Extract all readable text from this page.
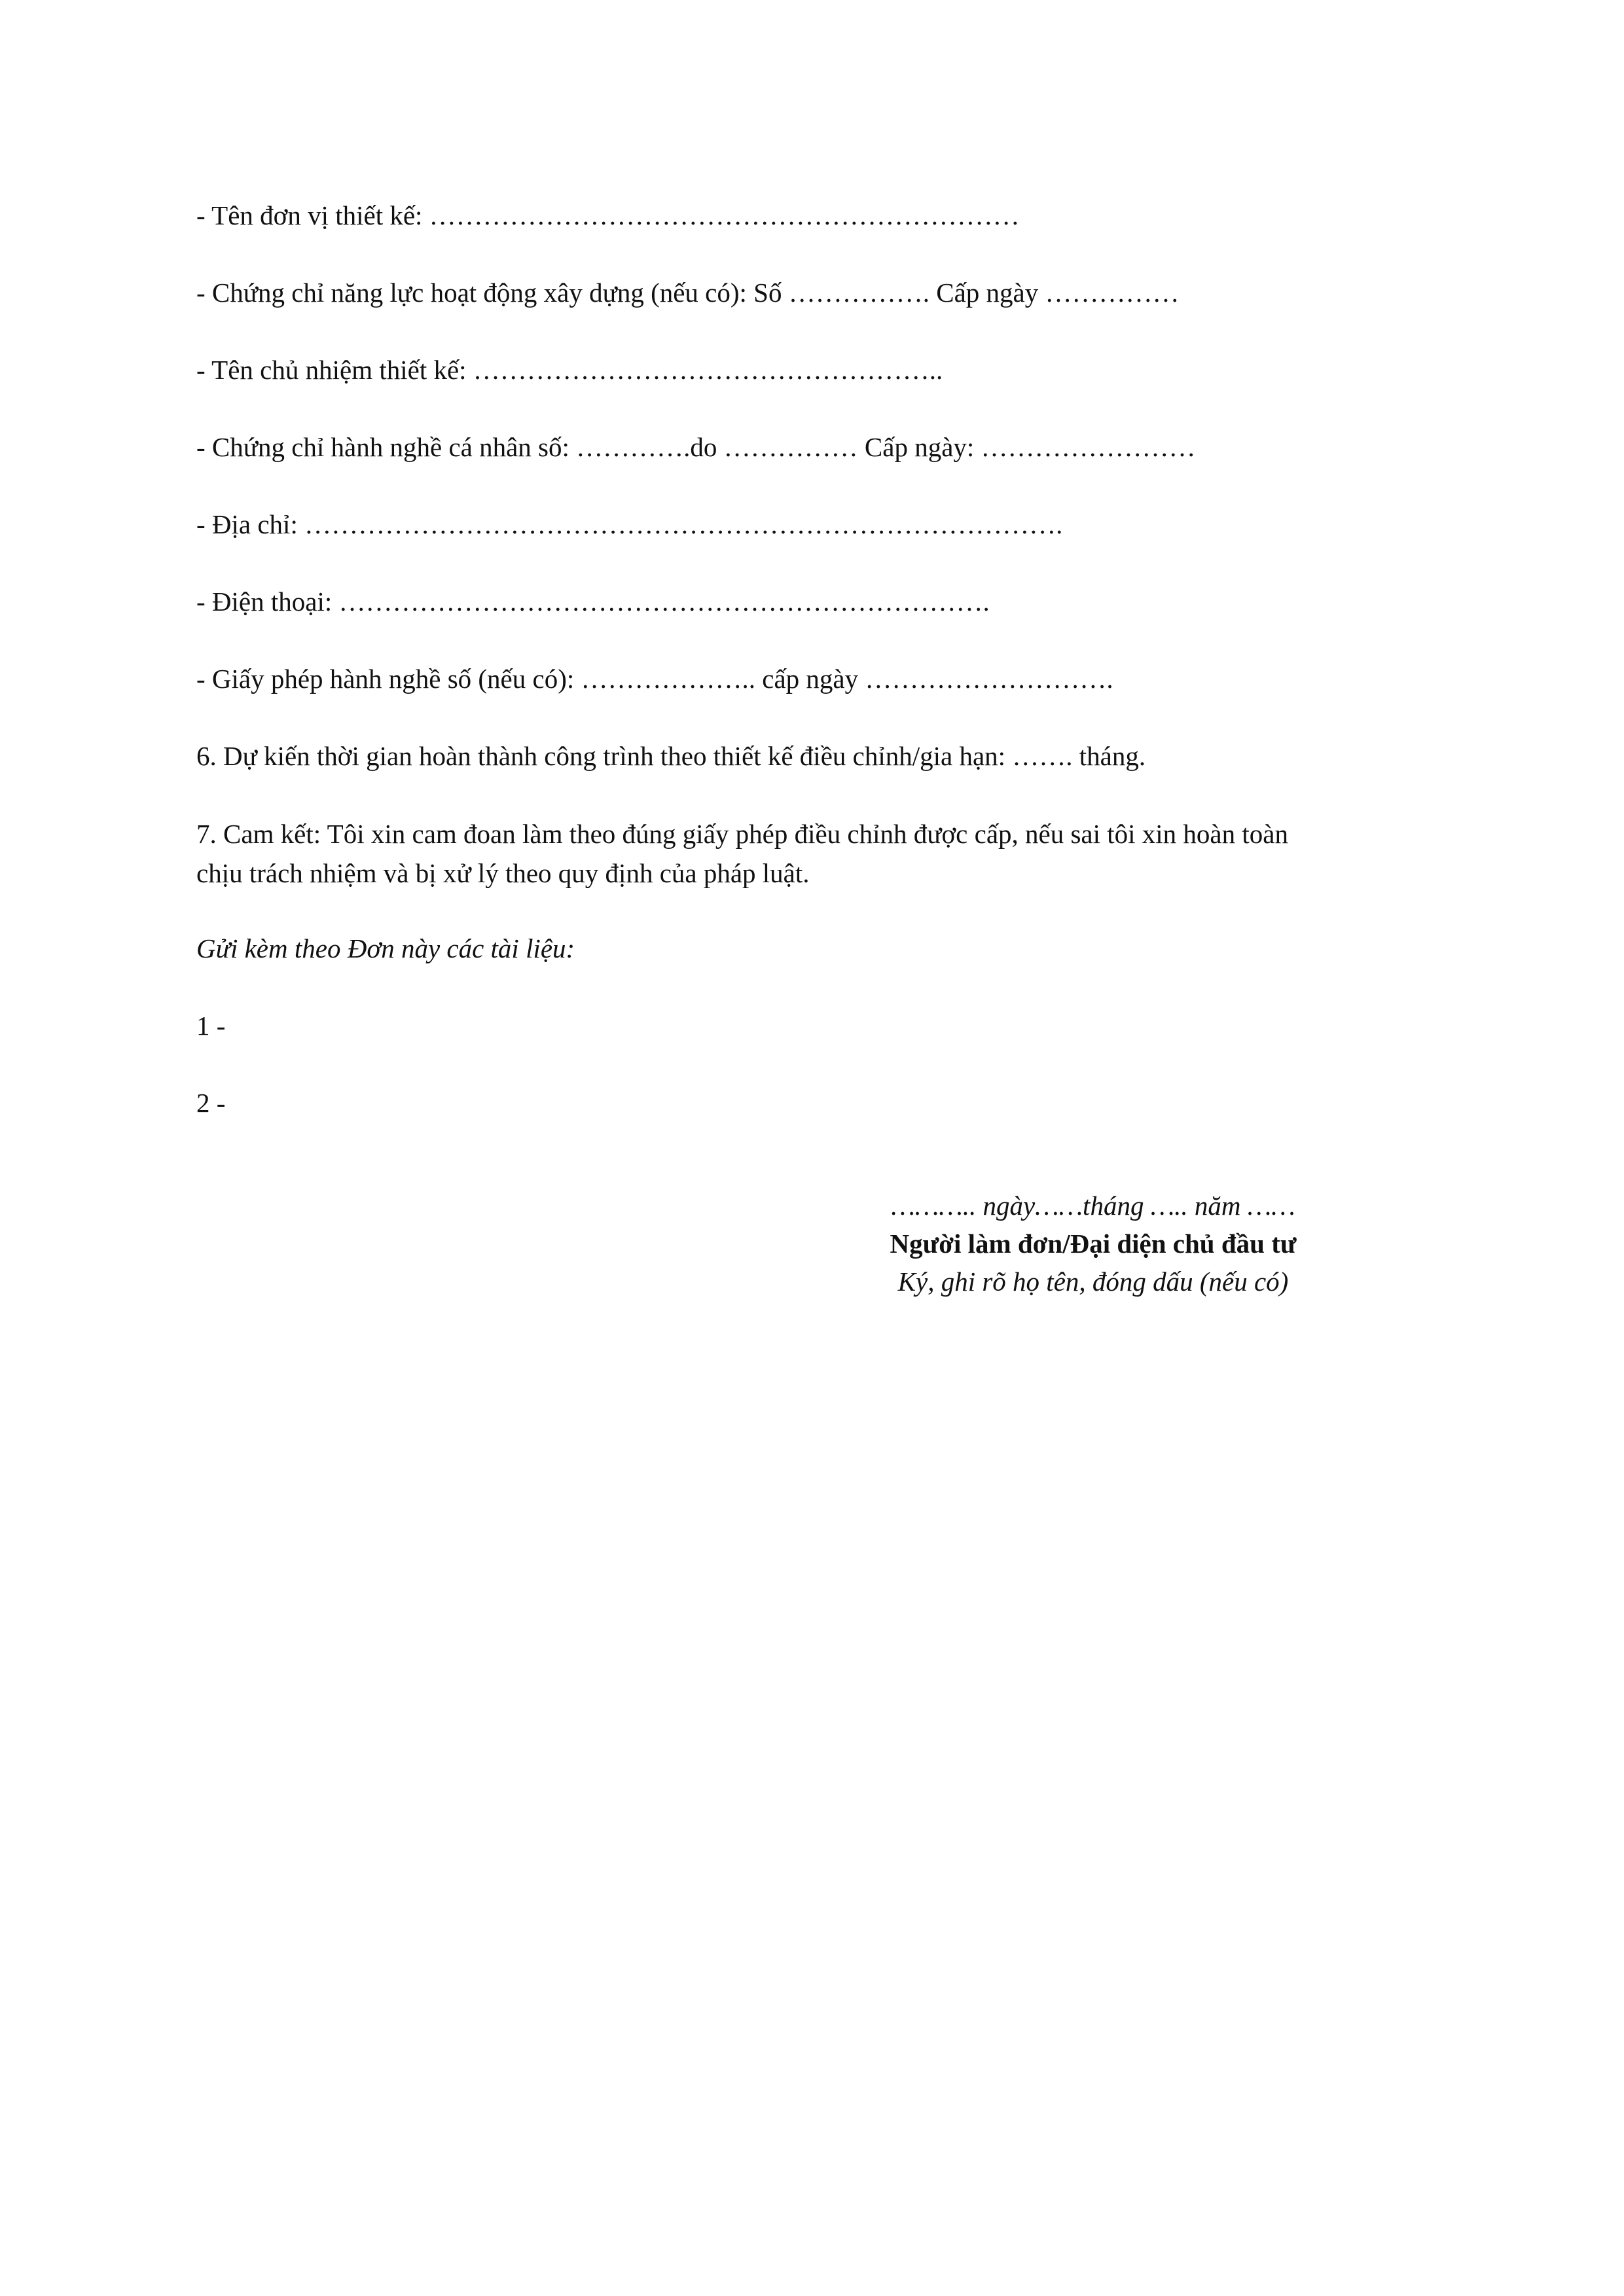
- Tên đơn vị thiết kế: …………………………………………………………
- Chứng chỉ năng lực hoạt động xây dựng (nếu có): Số ……………. Cấp ngày ……………
- Tên chủ nhiệm thiết kế: ……………………………………………..
- Chứng chỉ hành nghề cá nhân số: ………….do …………… Cấp ngày: ……………………
- Địa chỉ: ………………………………………………………………………….
- Điện thoại: ……………………………………………………………….
- Giấy phép hành nghề số (nếu có): ……………….. cấp ngày ……………………….
6. Dự kiến thời gian hoàn thành công trình theo thiết kế điều chỉnh/gia hạn: ……. tháng.
7. Cam kết: Tôi xin cam đoan làm theo đúng giấy phép điều chỉnh được cấp, nếu sai tôi xin hoàn toàn
chịu trách nhiệm và bị xử lý theo quy định của pháp luật.
Gửi kèm theo Đơn này các tài liệu:
1 -
2 -
……….. ngày……tháng ….. năm ……
Người làm đơn/Đại diện chủ đầu tư
Ký, ghi rõ họ tên, đóng dấu (nếu có)
